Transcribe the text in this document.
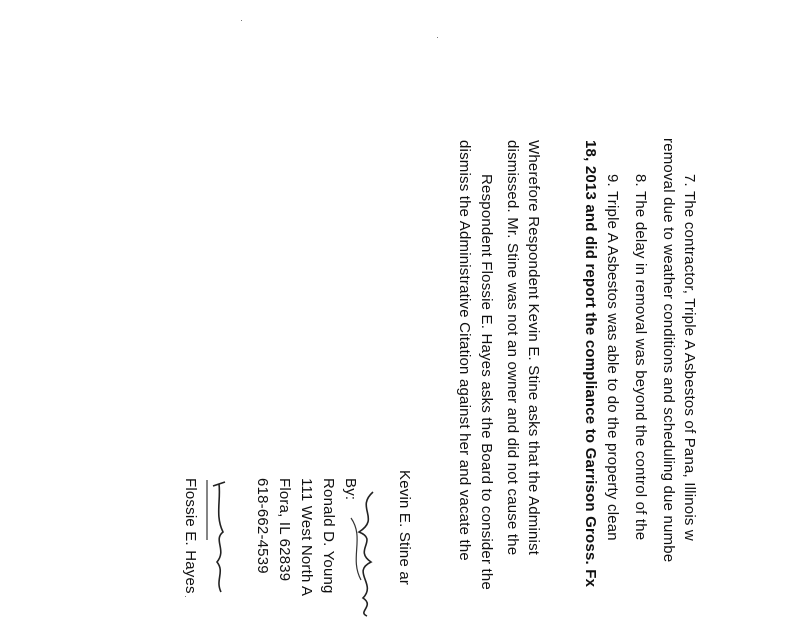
7. The contractor, Triple A Asbestos of Pana, Illinois w
removal due to weather conditions and scheduling due numbe
8. The delay in removal was beyond the control of the
9. Triple A Asbestos was able to do the property clean
18, 2013 and did report the compliance to Garrison Gross. Fx
Wherefore Respondent Kevin E. Stine asks that the Administ
dismissed. Mr. Stine was not an owner and did not cause the
Respondent Flossie E. Hayes asks the Board to consider the
dismiss the Administrative Citation against her and vacate the
Kevin E. Stine ar
By:
Ronald D. Young
111 West North A
Flora, IL 62839
618-662-4539
Flossie E. Hayes
